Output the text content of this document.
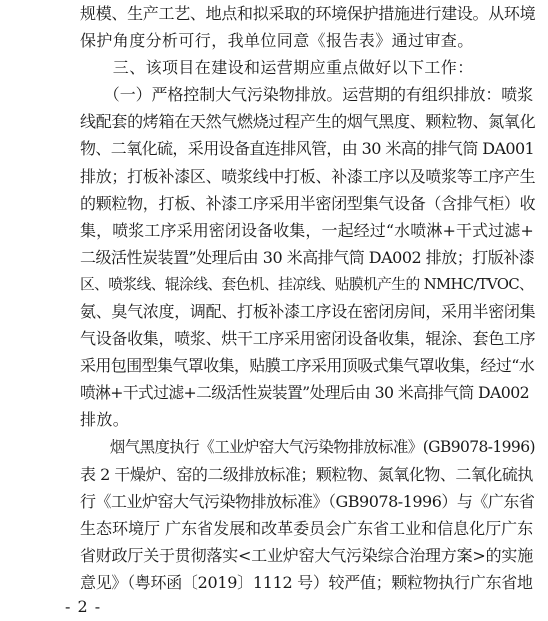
规模、生产工艺、地点和拟采取的环境保护措施进行建设。从环境
保护角度分析可行，我单位同意《报告表》通过审查。
　　三、该项目在建设和运营期应重点做好以下工作：
　　（一）严格控制大气污染物排放。运营期的有组织排放：喷浆
线配套的烤箱在天然气燃烧过程产生的烟气黑度、颗粒物、氮氧化
物、二氧化硫，采用设备直连排风管，由 30 米高的排气筒 DA001
排放；打板补漆区、喷浆线中打板、补漆工序以及喷浆等工序产生
的颗粒物，打板、补漆工序采用半密闭型集气设备（含排气柜）收
集，喷浆工序采用密闭设备收集，一起经过“水喷淋+干式过滤+
二级活性炭装置”处理后由 30 米高排气筒 DA002 排放；打版补漆
区、喷浆线、辊涂线、套色机、挂凉线、贴膜机产生的 NMHC/TVOC、
氨、臭气浓度，调配、打板补漆工序设在密闭房间，采用半密闭集
气设备收集，喷浆、烘干工序采用密闭设备收集，辊涂、套色工序
采用包围型集气罩收集，贴膜工序采用顶吸式集气罩收集，经过“水
喷淋+干式过滤+二级活性炭装置”处理后由 30 米高排气筒 DA002
排放。
　　烟气黑度执行《工业炉窑大气污染物排放标准》(GB9078-1996)
表 2 干燥炉、窑的二级排放标准；颗粒物、氮氧化物、二氧化硫执
行《工业炉窑大气污染物排放标准》（GB9078-1996）与《广东省
生态环境厅 广东省发展和改革委员会广东省工业和信息化厅广东
省财政厅关于贯彻落实<工业炉窑大气污染综合治理方案>的实施
意见》（粤环函〔2019〕1112 号）较严值；颗粒物执行广东省地
- 2 -
